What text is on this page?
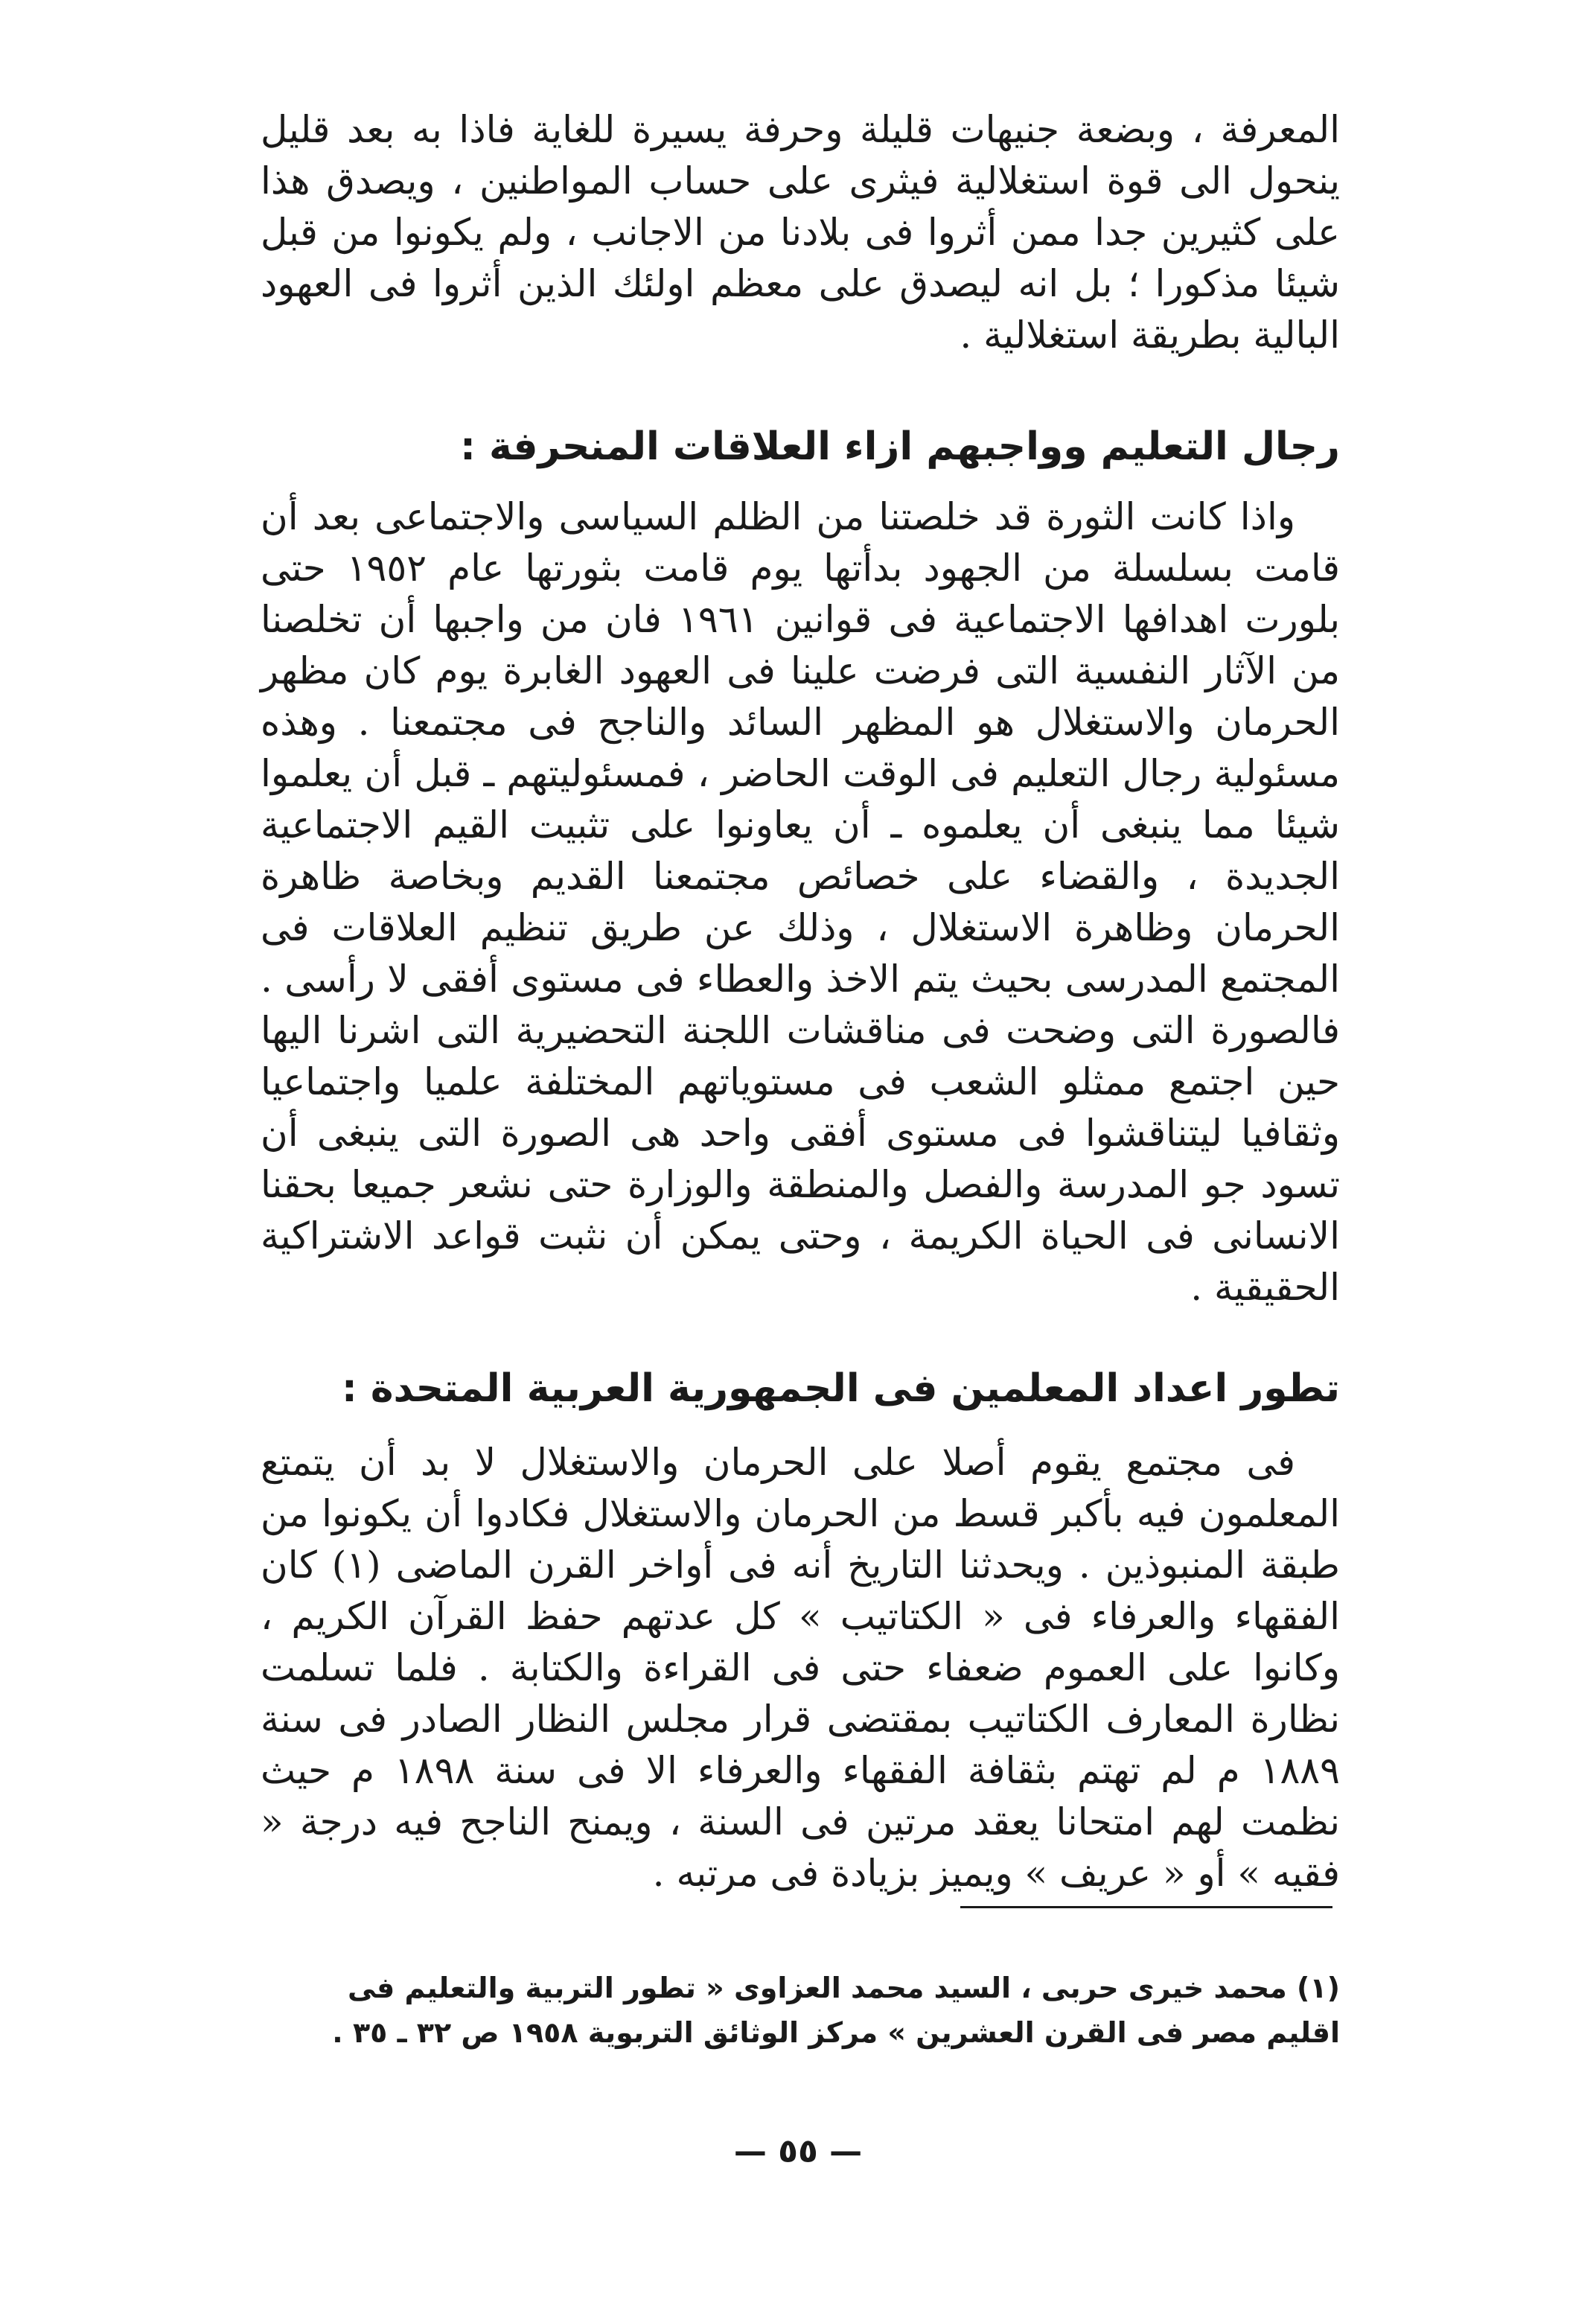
المعرفة ، وبضعة جنيهات قليلة وحرفة يسيرة للغاية فاذا به بعد قليل ينحول الى قوة استغلالية فيثرى على حساب المواطنين ، ويصدق هذا على كثيرين جدا ممن أثروا فى بلادنا من الاجانب ، ولم يكونوا من قبل شيئا مذكورا ؛ بل انه ليصدق على معظم اولئك الذين أثروا فى العهود البالية بطريقة استغلالية .

رجال التعليم وواجبهم ازاء العلاقات المنحرفة :

واذا كانت الثورة قد خلصتنا من الظلم السياسى والاجتماعى بعد أن قامت بسلسلة من الجهود بدأتها يوم قامت بثورتها عام ١٩٥٢ حتى بلورت اهدافها الاجتماعية فى قوانين ١٩٦١ فان من واجبها أن تخلصنا من الآثار النفسية التى فرضت علينا فى العهود الغابرة يوم كان مظهر الحرمان والاستغلال هو المظهر السائد والناجح فى مجتمعنا . وهذه مسئولية رجال التعليم فى الوقت الحاضر ، فمسئوليتهم ـ قبل أن يعلموا شيئا مما ينبغى أن يعلموه ـ أن يعاونوا على تثبيت القيم الاجتماعية الجديدة ، والقضاء على خصائص مجتمعنا القديم وبخاصة ظاهرة الحرمان وظاهرة الاستغلال ، وذلك عن طريق تنظيم العلاقات فى المجتمع المدرسى بحيث يتم الاخذ والعطاء فى مستوى أفقى لا رأسى . فالصورة التى وضحت فى مناقشات اللجنة التحضيرية التى اشرنا اليها حين اجتمع ممثلو الشعب فى مستوياتهم المختلفة علميا واجتماعيا وثقافيا ليتناقشوا فى مستوى أفقى واحد هى الصورة التى ينبغى أن تسود جو المدرسة والفصل والمنطقة والوزارة حتى نشعر جميعا بحقنا الانسانى فى الحياة الكريمة ، وحتى يمكن أن نثبت قواعد الاشتراكية الحقيقية .

تطور اعداد المعلمين فى الجمهورية العربية المتحدة :

فى مجتمع يقوم أصلا على الحرمان والاستغلال لا بد أن يتمتع المعلمون فيه بأكبر قسط من الحرمان والاستغلال فكادوا أن يكونوا من طبقة المنبوذين . ويحدثنا التاريخ أنه فى أواخر القرن الماضى (١) كان الفقهاء والعرفاء فى « الكتاتيب » كل عدتهم حفظ القرآن الكريم ، وكانوا على العموم ضعفاء حتى فى القراءة والكتابة . فلما تسلمت نظارة المعارف الكتاتيب بمقتضى قرار مجلس النظار الصادر فى سنة ١٨٨٩ م لم تهتم بثقافة الفقهاء والعرفاء الا فى سنة ١٨٩٨ م حيث نظمت لهم امتحانا يعقد مرتين فى السنة ، ويمنح الناجح فيه درجة « فقيه » أو « عريف » ويميز بزيادة فى مرتبه .

(١) محمد خيرى حربى ، السيد محمد العزاوى « تطور التربية والتعليم فى اقليم مصر فى القرن العشرين » مركز الوثائق التربوية ١٩٥٨ ص ٣٢ ـ ٣٥ .

— ٥٥ —
